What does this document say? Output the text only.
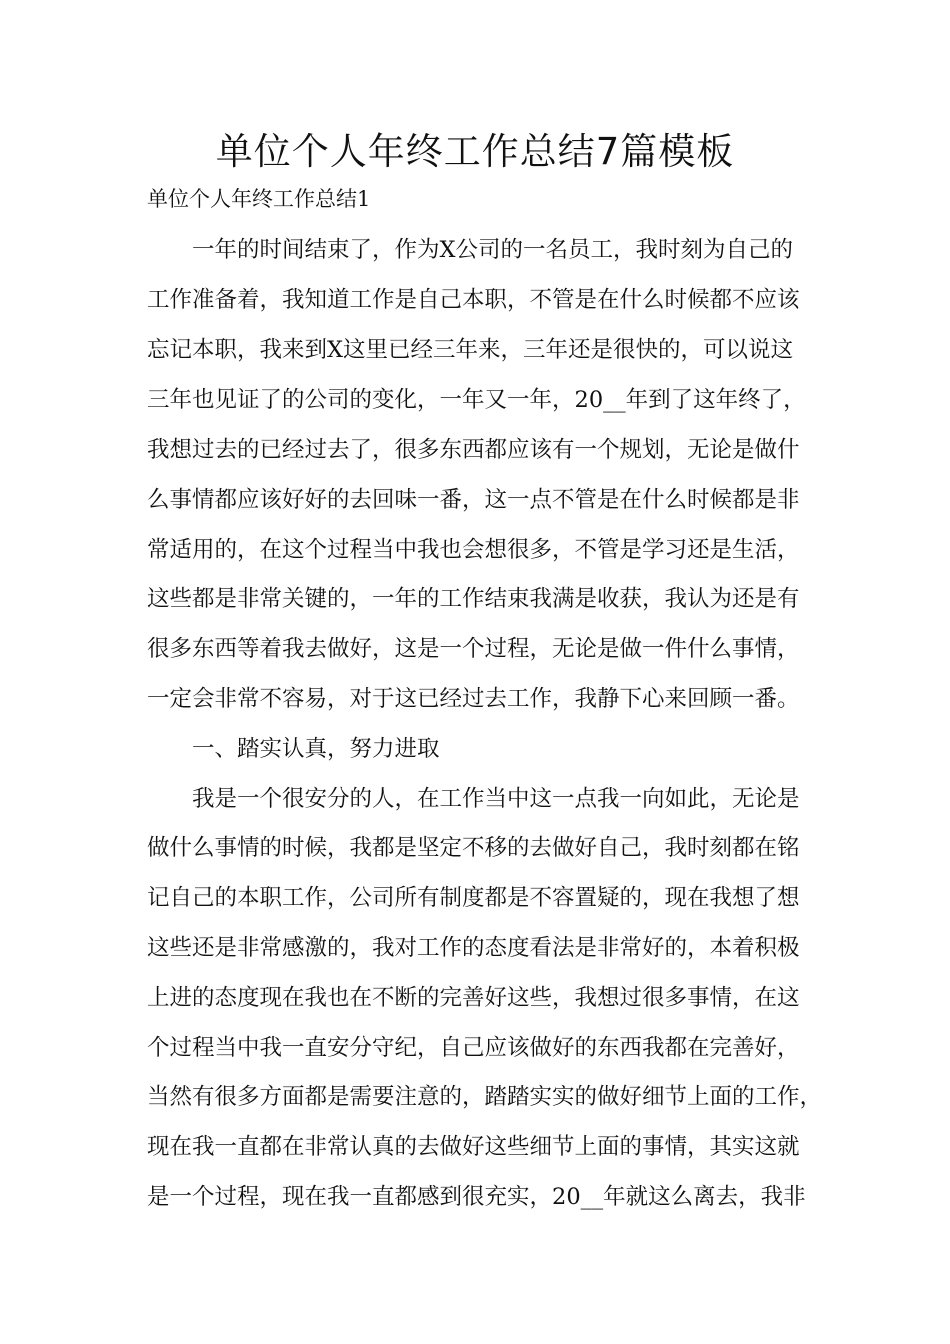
单位个人年终工作总结7篇模板

单位个人年终工作总结1

一年的时间结束了，作为X公司的一名员工，我时刻为自己的

工作准备着，我知道工作是自己本职，不管是在什么时候都不应该

忘记本职，我来到X这里已经三年来，三年还是很快的，可以说这

三年也见证了的公司的变化，一年又一年，20__年到了这年终了，

我想过去的已经过去了，很多东西都应该有一个规划，无论是做什

么事情都应该好好的去回味一番，这一点不管是在什么时候都是非

常适用的，在这个过程当中我也会想很多，不管是学习还是生活，

这些都是非常关键的，一年的工作结束我满是收获，我认为还是有

很多东西等着我去做好，这是一个过程，无论是做一件什么事情，

一定会非常不容易，对于这已经过去工作，我静下心来回顾一番。

一、踏实认真，努力进取

我是一个很安分的人，在工作当中这一点我一向如此，无论是

做什么事情的时候，我都是坚定不移的去做好自己，我时刻都在铭

记自己的本职工作，公司所有制度都是不容置疑的，现在我想了想

这些还是非常感激的，我对工作的态度看法是非常好的，本着积极

上进的态度现在我也在不断的完善好这些，我想过很多事情，在这

个过程当中我一直安分守纪，自己应该做好的东西我都在完善好，

当然有很多方面都是需要注意的，踏踏实实的做好细节上面的工作，

现在我一直都在非常认真的去做好这些细节上面的事情，其实这就

是一个过程，现在我一直都感到很充实，20__年就这么离去，我非
